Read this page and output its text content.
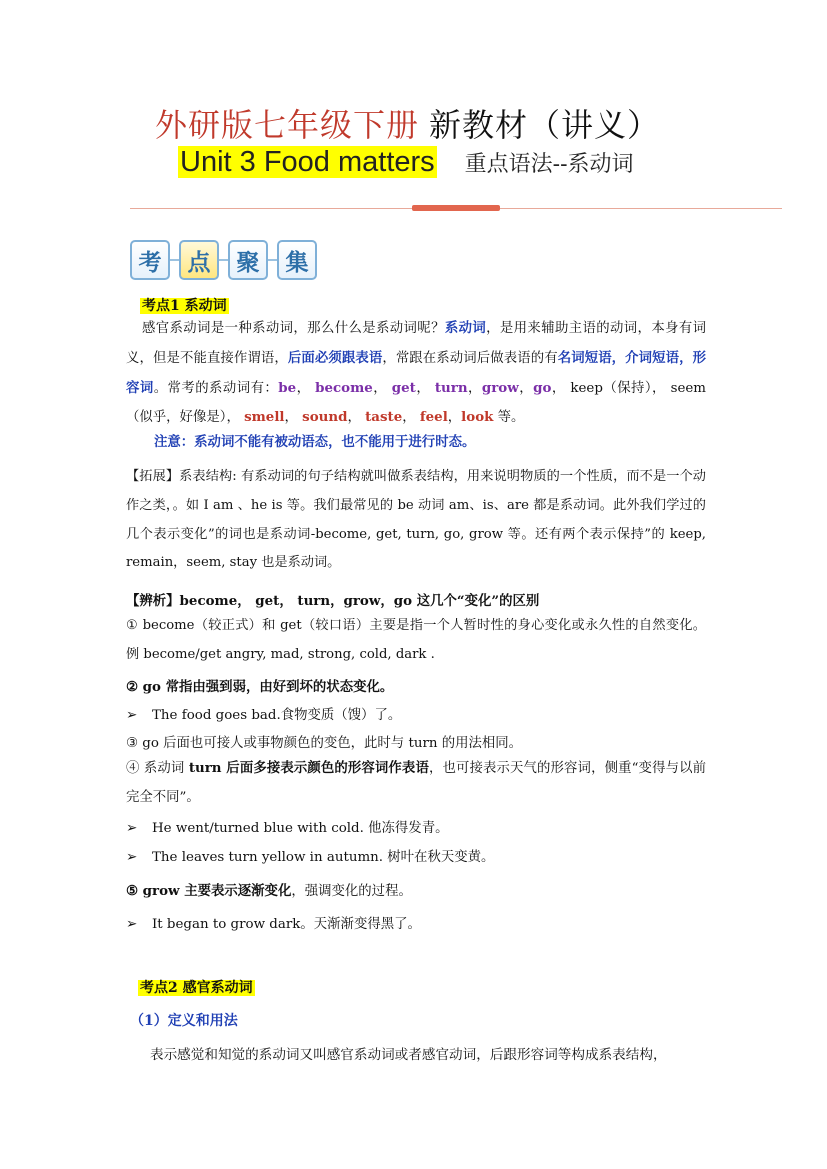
外研版七年级下册 新教材（讲义）
Unit 3 Food matters 重点语法--系动词
考	点	聚	集
考点1 系动词
感官系动词是一种系动词，那么什么是系动词呢？系动词，是用来辅助主语的动词，本身有词义，但是不能直接作谓语，后面必须跟表语，常跟在系动词后做表语的有名词短语，介词短语，形容词。常考的系动词有：be， become， get， turn，grow，go， keep（保持）， seem（似乎，好像是）， smell， sound， taste， feel，look 等。
注意：系动词不能有被动语态，也不能用于进行时态。
【拓展】系表结构: 有系动词的句子结构就叫做系表结构，用来说明物质的一个性质，而不是一个动作之类，。如 I am 、he is 等。我们最常见的 be 动词 am、is、are 都是系动词。此外我们学过的几个表示变化”的词也是系动词-become, get, turn, go, grow 等。还有两个表示保持”的 keep, remain，seem, stay 也是系动词。
【辨析】become， get， turn，grow，go 这几个“变化”的区别
① become（较正式）和 get（较口语）主要是指一个人暂时性的身心变化或永久性的自然变化。例 become/get angry, mad, strong, cold, dark .
② go 常指由强到弱，由好到坏的状态变化。
➢ The food goes bad.食物变质（馊）了。
③ go 后面也可接人或事物颜色的变色，此时与 turn 的用法相同。
④ 系动词 turn 后面多接表示颜色的形容词作表语，也可接表示天气的形容词，侧重“变得与以前完全不同”。
➢ He went/turned blue with cold. 他冻得发青。
➢ The leaves turn yellow in autumn. 树叶在秋天变黄。
⑤ grow 主要表示逐渐变化，强调变化的过程。
➢ It began to grow dark。天渐渐变得黑了。
考点2 感官系动词
（1）定义和用法
表示感觉和知觉的系动词又叫感官系动词或者感官动词，后跟形容词等构成系表结构，
